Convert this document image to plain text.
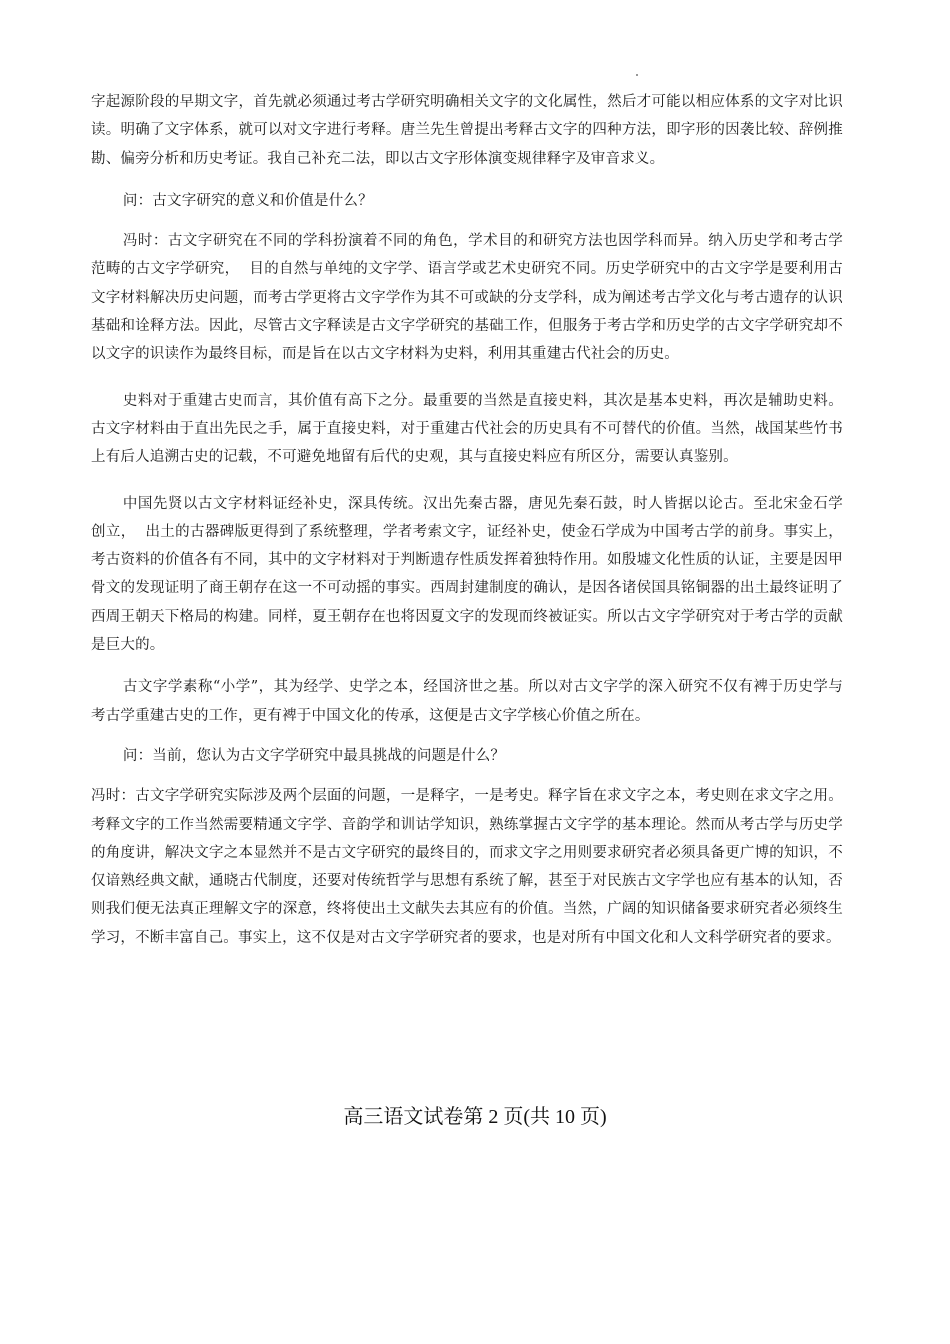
字起源阶段的早期文字，首先就必须通过考古学研究明确相关文字的文化属性，然后才可能以相应体系的文字对比识读。明确了文字体系，就可以对文字进行考释。唐兰先生曾提出考释古文字的四种方法，即字形的因袭比较、辞例推勘、偏旁分析和历史考证。我自己补充二法，即以古文字形体演变规律释字及审音求义。

问：古文字研究的意义和价值是什么？

冯时：古文字研究在不同的学科扮演着不同的角色，学术目的和研究方法也因学科而异。纳入历史学和考古学范畴的古文字学研究，  目的自然与单纯的文字学、语言学或艺术史研究不同。历史学研究中的古文字学是要利用古文字材料解决历史问题，而考古学更将古文字学作为其不可或缺的分支学科，成为阐述考古学文化与考古遗存的认识基础和诠释方法。因此，尽管古文字释读是古文字学研究的基础工作，但服务于考古学和历史学的古文字学研究却不以文字的识读作为最终目标，而是旨在以古文字材料为史料，利用其重建古代社会的历史。

史料对于重建古史而言，其价值有高下之分。最重要的当然是直接史料，其次是基本史料，再次是辅助史料。古文字材料由于直出先民之手，属于直接史料，对于重建古代社会的历史具有不可替代的价值。当然，战国某些竹书上有后人追溯古史的记载，不可避免地留有后代的史观，其与直接史料应有所区分，需要认真鉴别。

中国先贤以古文字材料证经补史，深具传统。汉出先秦古器，唐见先秦石鼓，时人皆据以论古。至北宋金石学创立，  出土的古器碑版更得到了系统整理，学者考索文字，证经补史，使金石学成为中国考古学的前身。事实上，考古资料的价值各有不同，其中的文字材料对于判断遗存性质发挥着独特作用。如殷墟文化性质的认证，主要是因甲骨文的发现证明了商王朝存在这一不可动摇的事实。西周封建制度的确认，是因各诸侯国具铭铜器的出土最终证明了西周王朝天下格局的构建。同样，夏王朝存在也将因夏文字的发现而终被证实。所以古文字学研究对于考古学的贡献是巨大的。

古文字学素称“小学”，其为经学、史学之本，经国济世之基。所以对古文字学的深入研究不仅有裨于历史学与考古学重建古史的工作，更有裨于中国文化的传承，这便是古文字学核心价值之所在。

问：当前，您认为古文字学研究中最具挑战的问题是什么？

冯时：古文字学研究实际涉及两个层面的问题，一是释字，一是考史。释字旨在求文字之本，考史则在求文字之用。考释文字的工作当然需要精通文字学、音韵学和训诂学知识，熟练掌握古文字学的基本理论。然而从考古学与历史学的角度讲，解决文字之本显然并不是古文字研究的最终目的，而求文字之用则要求研究者必须具备更广博的知识，不仅谙熟经典文献，通晓古代制度，还要对传统哲学与思想有系统了解，甚至于对民族古文字学也应有基本的认知，否则我们便无法真正理解文字的深意，终将使出土文献失去其应有的价值。当然，广阔的知识储备要求研究者必须终生学习，不断丰富自己。事实上，这不仅是对古文字学研究者的要求，也是对所有中国文化和人文科学研究者的要求。

高三语文试卷第 2 页(共 10 页)
